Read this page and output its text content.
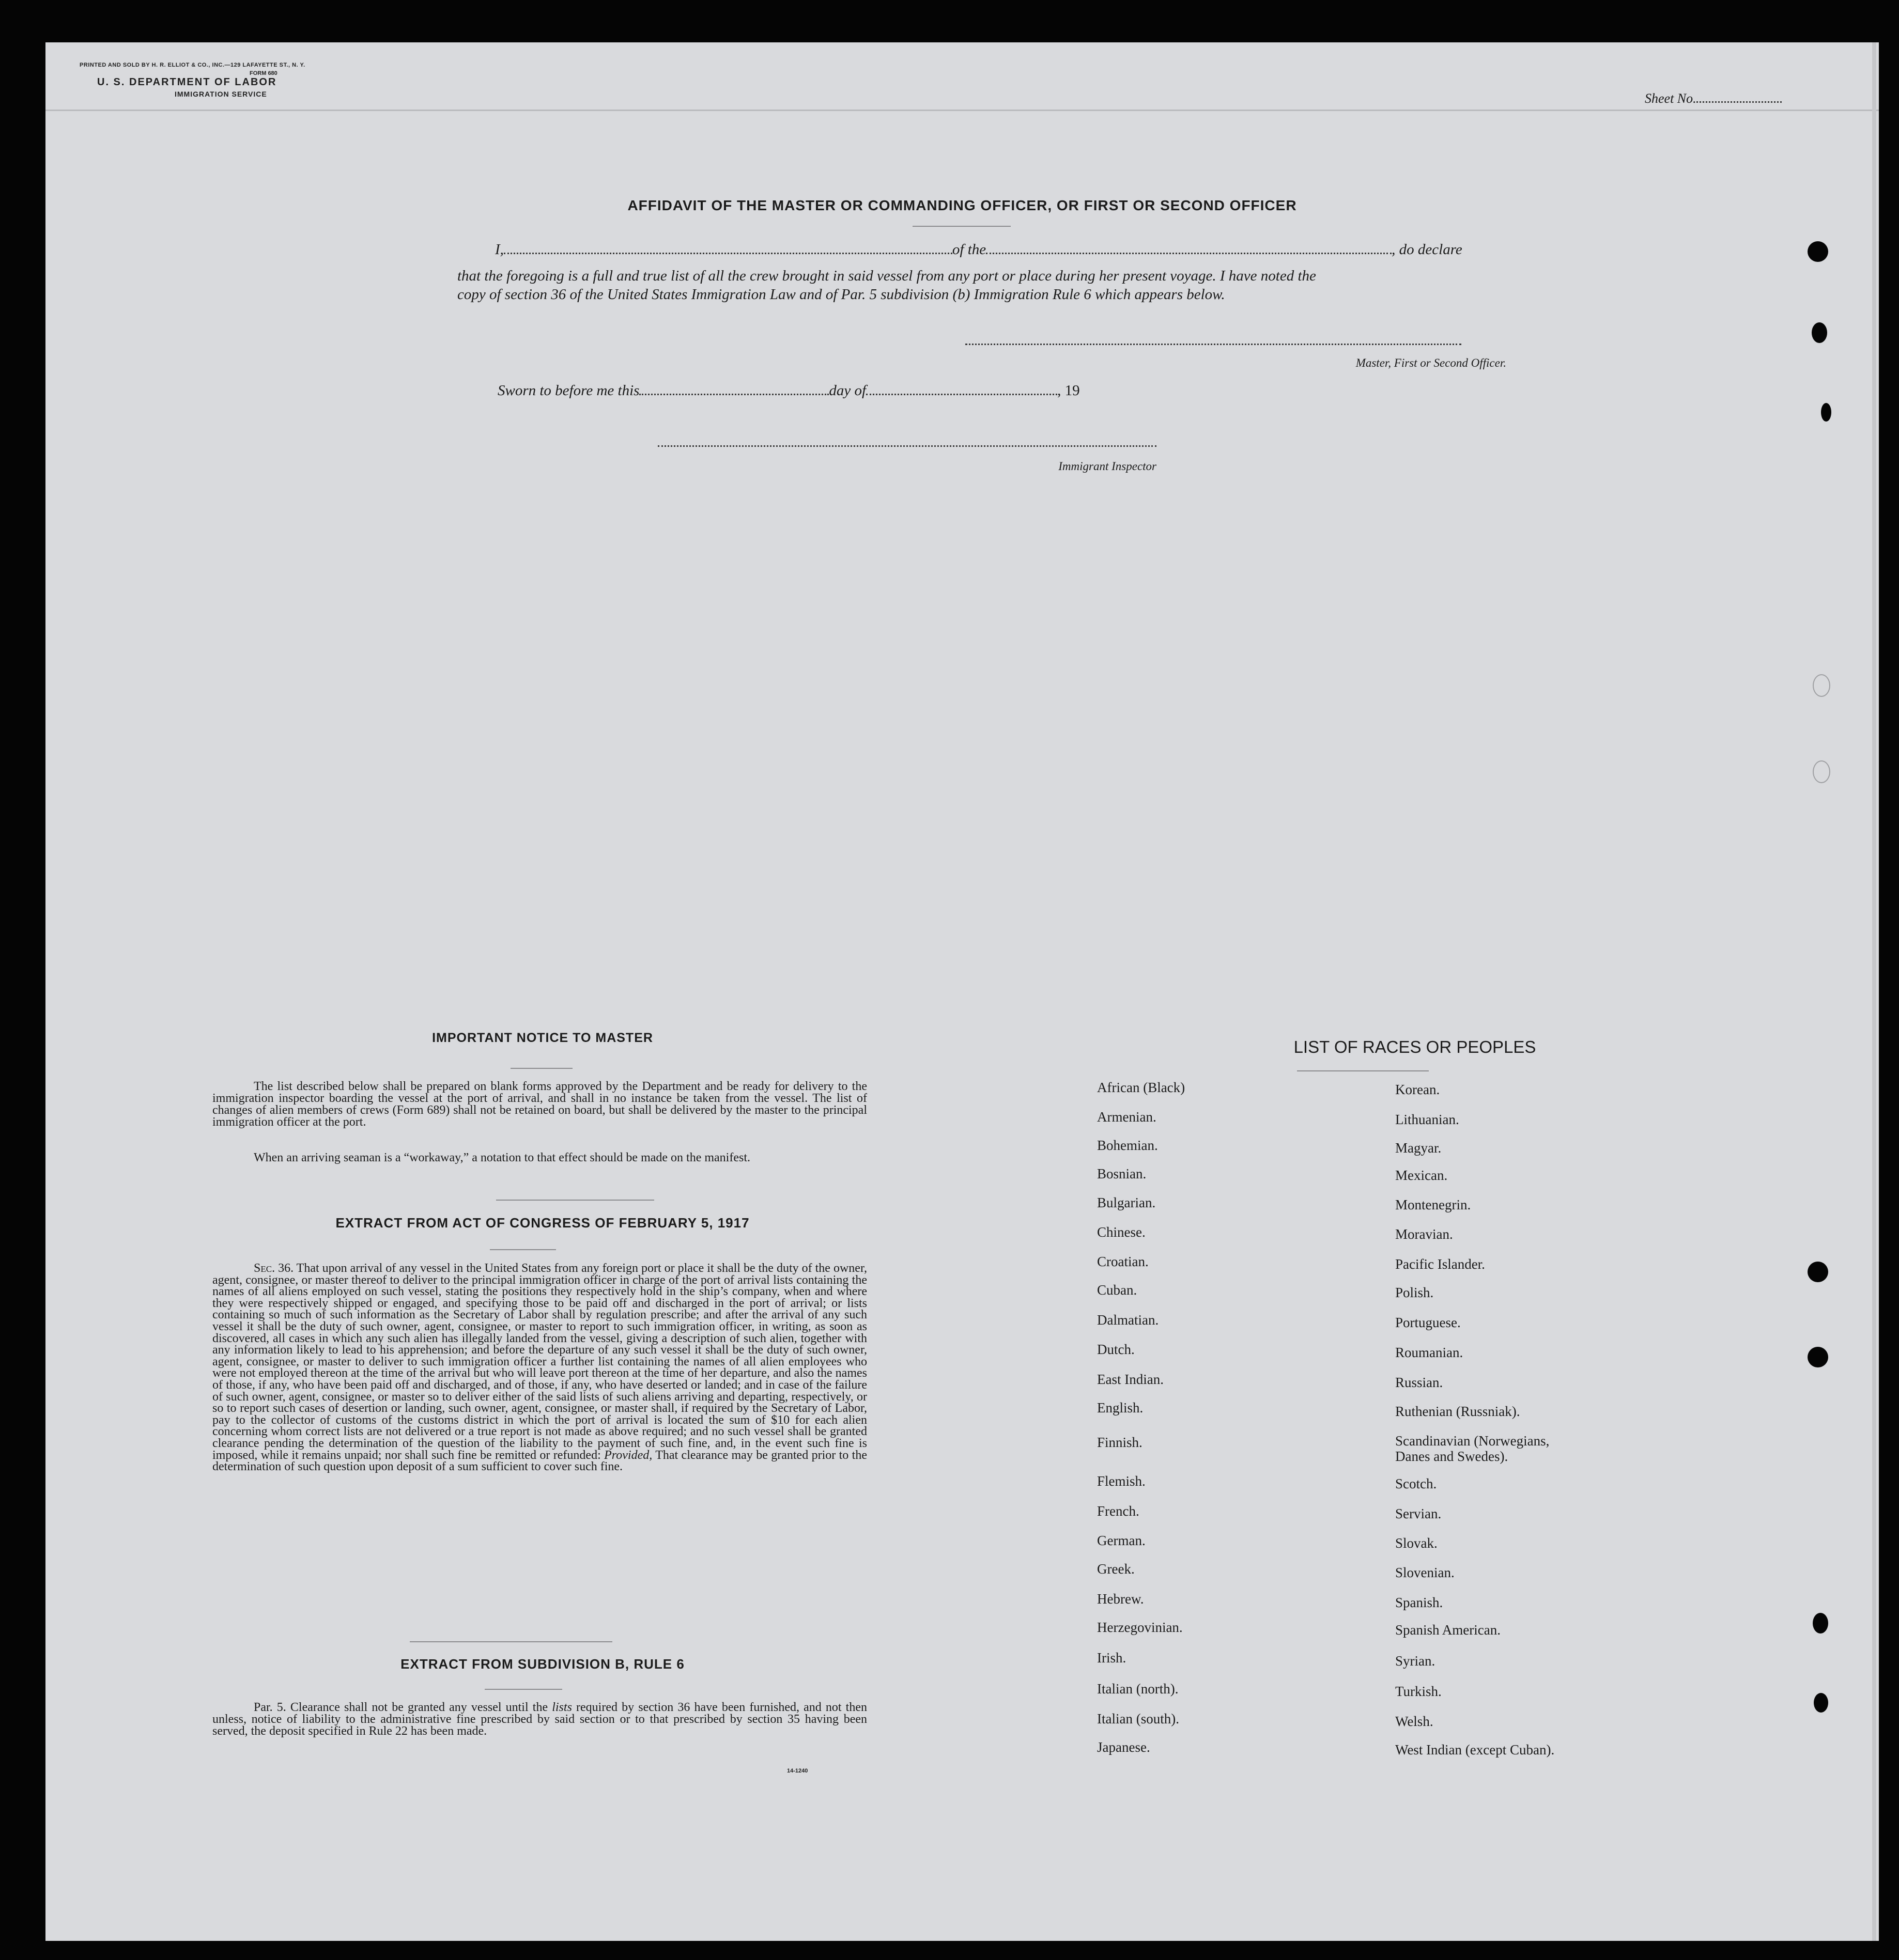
PRINTED AND SOLD BY H. R. ELLIOT & CO., INC.—129 LAFAYETTE ST., N. Y.
FORM 680
U. S. DEPARTMENT OF LABOR
IMMIGRATION SERVICE	Sheet No.
AFFIDAVIT OF THE MASTER OR COMMANDING OFFICER, OR FIRST OR SECOND OFFICER
I,	of the	, do declare
that the foregoing is a full and true list of all the crew brought in said vessel from any port or place during her present voyage. I have noted the
copy of section 36 of the United States Immigration Law and of Par. 5 subdivision (b) Immigration Rule 6 which appears below.
Master, First or Second Officer.
Sworn to before me this	day of	, 19
Immigrant Inspector
IMPORTANT NOTICE TO MASTER
The list described below shall be prepared on blank forms approved by the Department and be ready for delivery to the immigration inspector boarding the vessel at the port of arrival, and shall in no instance be taken from the vessel. The list of changes of alien members of crews (Form 689) shall not be retained on board, but shall be delivered by the master to the principal immigration officer at the port.
When an arriving seaman is a “workaway,” a notation to that effect should be made on the manifest.
EXTRACT FROM ACT OF CONGRESS OF FEBRUARY 5, 1917
Sec. 36. That upon arrival of any vessel in the United States from any foreign port or place it shall be the duty of the owner, agent, consignee, or master thereof to deliver to the principal immigration officer in charge of the port of arrival lists containing the names of all aliens employed on such vessel, stating the positions they respectively hold in the ship’s company, when and where they were respectively shipped or engaged, and specifying those to be paid off and discharged in the port of arrival; or lists containing so much of such information as the Secretary of Labor shall by regulation prescribe; and after the arrival of any such vessel it shall be the duty of such owner, agent, consignee, or master to report to such immigration officer, in writing, as soon as discovered, all cases in which any such alien has illegally landed from the vessel, giving a description of such alien, together with any information likely to lead to his apprehension; and before the departure of any such vessel it shall be the duty of such owner, agent, consignee, or master to deliver to such immigration officer a further list containing the names of all alien employees who were not employed thereon at the time of the arrival but who will leave port thereon at the time of her departure, and also the names of those, if any, who have been paid off and discharged, and of those, if any, who have deserted or landed; and in case of the failure of such owner, agent, consignee, or master so to deliver either of the said lists of such aliens arriving and departing, respectively, or so to report such cases of desertion or landing, such owner, agent, consignee, or master shall, if required by the Secretary of Labor, pay to the collector of customs of the customs district in which the port of arrival is located the sum of $10 for each alien concerning whom correct lists are not delivered or a true report is not made as above required; and no such vessel shall be granted clearance pending the determination of the question of the liability to the payment of such fine, and, in the event such fine is imposed, while it remains unpaid; nor shall such fine be remitted or refunded: Provided, That clearance may be granted prior to the determination of such question upon deposit of a sum sufficient to cover such fine.
EXTRACT FROM SUBDIVISION B, RULE 6
Par. 5. Clearance shall not be granted any vessel until the lists required by section 36 have been furnished, and not then unless, notice of liability to the administrative fine prescribed by said section or to that prescribed by section 35 having been served, the deposit specified in Rule 22 has been made.
14-1240
LIST OF RACES OR PEOPLES
African (Black)
Armenian.
Bohemian.
Bosnian.
Bulgarian.
Chinese.
Croatian.
Cuban.
Dalmatian.
Dutch.
East Indian.
English.
Finnish.
Flemish.
French.
German.
Greek.
Hebrew.
Herzegovinian.
Irish.
Italian (north).
Italian (south).
Japanese.
Korean.
Lithuanian.
Magyar.
Mexican.
Montenegrin.
Moravian.
Pacific Islander.
Polish.
Portuguese.
Roumanian.
Russian.
Ruthenian (Russniak).
Scandinavian (Norwegians,
Danes and Swedes).
Scotch.
Servian.
Slovak.
Slovenian.
Spanish.
Spanish American.
Syrian.
Turkish.
Welsh.
West Indian (except Cuban).
